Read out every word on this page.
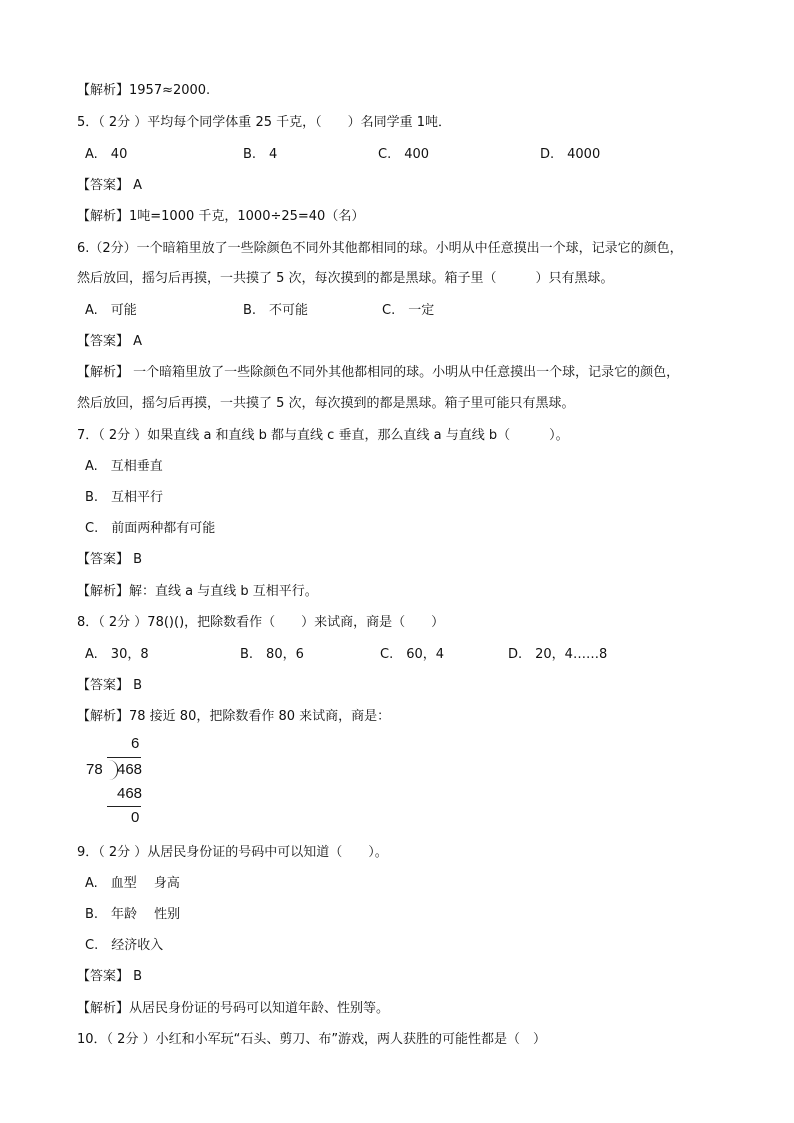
【解析】1957≈2000.
5．（ 2分 ）平均每个同学体重 25 千克，（　　）名同学重 1吨．
A.　40	B.　4	C.　400	D.　4000
【答案】 A
【解析】1吨=1000 千克，1000÷25=40（名）
6.（2分）一个暗箱里放了一些除颜色不同外其他都相同的球。小明从中任意摸出一个球，记录它的颜色，
然后放回，摇匀后再摸，一共摸了 5 次，每次摸到的都是黑球。箱子里（　　　）只有黑球。
A.　可能	B.　不可能	C.　一定
【答案】 A
【解析】 一个暗箱里放了一些除颜色不同外其他都相同的球。小明从中任意摸出一个球，记录它的颜色，
然后放回，摇匀后再摸，一共摸了 5 次，每次摸到的都是黑球。箱子里可能只有黑球。
7．（ 2分 ）如果直线 a 和直线 b 都与直线 c 垂直，那么直线 a 与直线 b（　　　）。
A.　互相垂直
B.　互相平行
C.　前面两种都有可能
【答案】 B
【解析】解：直线 a 与直线 b 互相平行。
8．（ 2分 ）78()()，把除数看作（　　）来试商，商是（　　）
A.　30，8	B.　80，6	C.　60，4	D.　20，4……8
【答案】 B
【解析】78 接近 80，把除数看作 80 来试商，商是：
6
78 468
468
0
9．（ 2分 ）从居民身份证的号码中可以知道（　　）。
A.　血型　 身高
B.　年龄　 性别
C.　经济收入
【答案】 B
【解析】从居民身份证的号码可以知道年龄、性别等。
10．（ 2分 ）小红和小军玩“石头、剪刀、布”游戏，两人获胜的可能性都是（　）
